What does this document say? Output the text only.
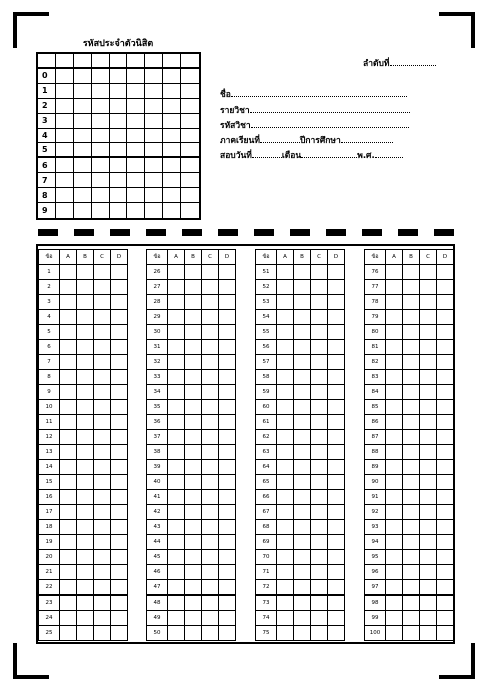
รหัสประจำตัวนิสิต
0
1
2
3
4
5
6
7
8
9
ลำดับที่
ชื่อ
รายวิชา
รหัสวิชา
ภาคเรียนที่	ปีการศึกษา
สอบวันที่	เดือน	พ.ศ.
ข้อ	A	B	C	D
1
2
3
4
5
6
7
8
9
10
11
12
13
14
15
16
17
18
19
20
21
22
23
24
25
ข้อ	A	B	C	D
26
27
28
29
30
31
32
33
34
35
36
37
38
39
40
41
42
43
44
45
46
47
48
49
50
ข้อ	A	B	C	D
51
52
53
54
55
56
57
58
59
60
61
62
63
64
65
66
67
68
69
70
71
72
73
74
75
ข้อ	A	B	C	D
76
77
78
79
80
81
82
83
84
85
86
87
88
89
90
91
92
93
94
95
96
97
98
99
100
